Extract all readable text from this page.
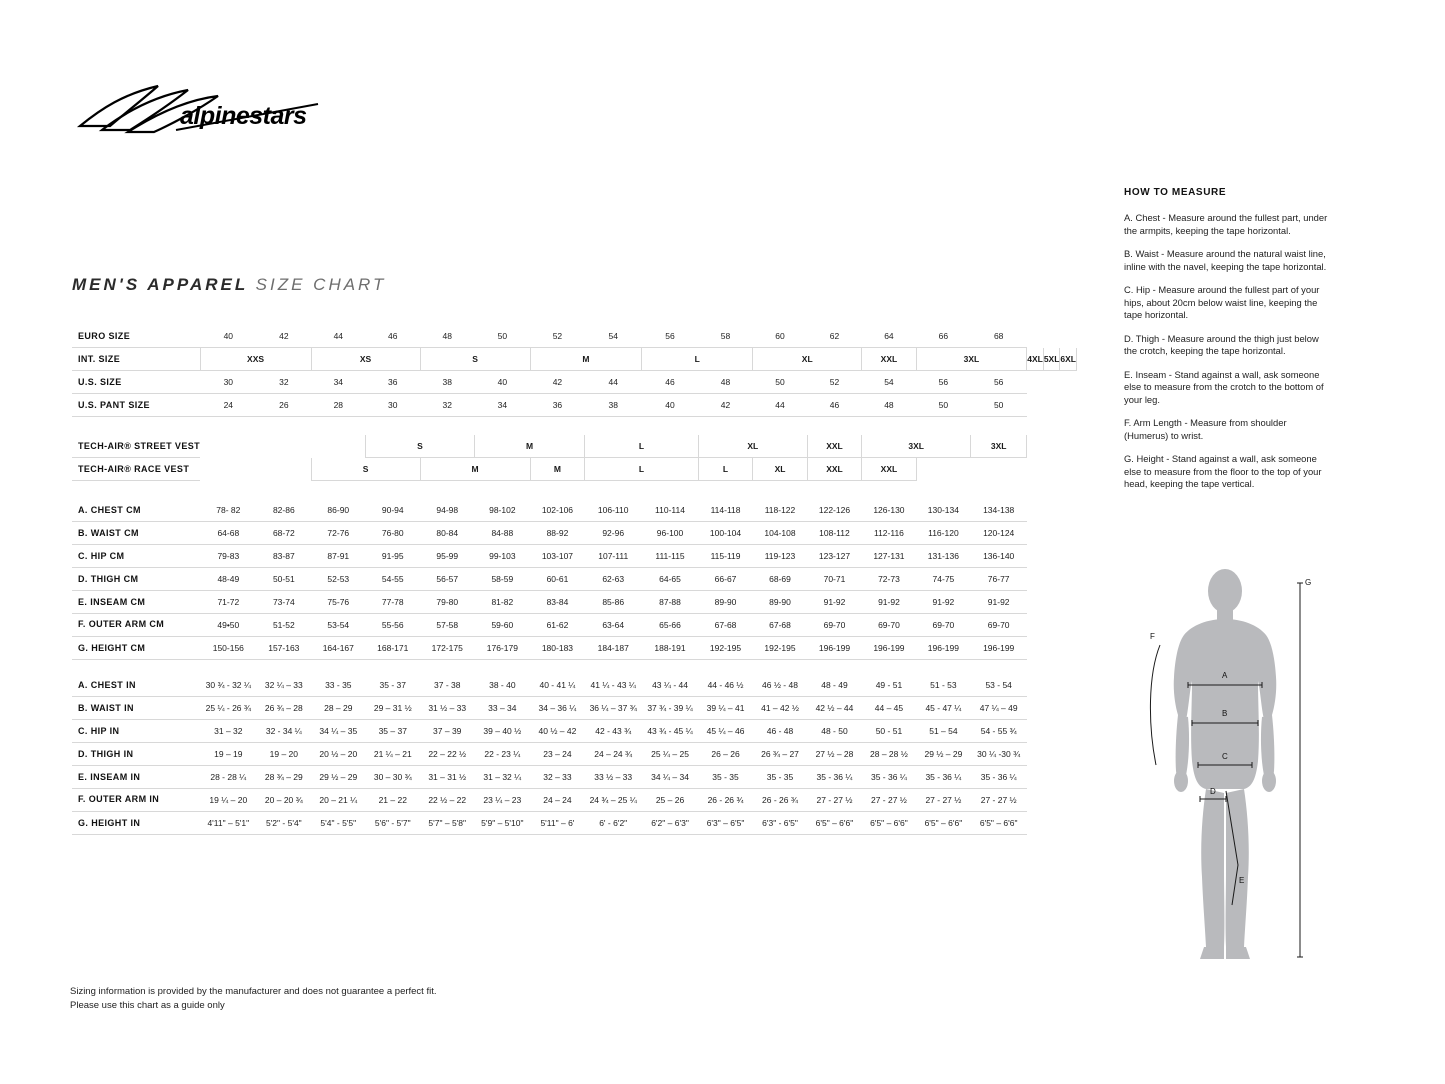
alpinestars
MEN'S APPAREL SIZE CHART
EURO SIZE	40	42	44	46	48	50	52	54	56	58	60	62	64	66	68			
INT. SIZE	XXS		XS		S		M		L		XL		XXL	3XL		4XL	5XL	6XL
U.S. SIZE	30	32	34	36	38	40	42	44	46	48	50	52	54	56	56			
U.S. PANT SIZE	24	26	28	30	32	34	36	38	40	42	44	46	48	50	50			

TECH-AIR® STREET VEST				S		M		L		XL		XXL	3XL		3XL			
TECH-AIR® RACE VEST			S		M		M	L		L	XL	XXL	XXL					

A. CHEST CM	78- 82	82-86	86-90	90-94	94-98	98-102	102-106	106-110	110-114	114-118	118-122	122-126	126-130	130-134	134-138			
B. WAIST CM	64-68	68-72	72-76	76-80	80-84	84-88	88-92	92-96	96-100	100-104	104-108	108-112	112-116	116-120	120-124			
C. HIP CM	79-83	83-87	87-91	91-95	95-99	99-103	103-107	107-111	111-115	115-119	119-123	123-127	127-131	131-136	136-140			
D. THIGH CM	48-49	50-51	52-53	54-55	56-57	58-59	60-61	62-63	64-65	66-67	68-69	70-71	72-73	74-75	76-77			
E. INSEAM CM	71-72	73-74	75-76	77-78	79-80	81-82	83-84	85-86	87-88	89-90	89-90	91-92	91-92	91-92	91-92			
F. OUTER ARM CM	49•50	51-52	53-54	55-56	57-58	59-60	61-62	63-64	65-66	67-68	67-68	69-70	69-70	69-70	69-70			
G. HEIGHT CM	150-156	157-163	164-167	168-171	172-175	176-179	180-183	184-187	188-191	192-195	192-195	196-199	196-199	196-199	196-199			

A. CHEST IN	30 ¾ - 32 ¼	32 ¼ – 33	33 - 35	35 - 37	37 - 38	38 - 40	40 - 41 ¼	41 ¼ - 43 ¼	43 ¼ - 44	44 - 46 ½	46 ½ - 48	48 - 49	49 - 51	51 - 53	53 - 54			
B. WAIST IN	25 ¼ - 26 ¾	26 ¾ – 28	28 – 29	29 – 31 ½	31 ½ – 33	33 – 34	34 – 36 ¼	36 ¼ – 37 ¾	37 ¾ - 39 ¼	39 ¼ – 41	41 – 42 ½	42 ½ – 44	44 – 45	45 - 47 ¼	47 ¼ – 49			
C. HIP IN	31 – 32	32 - 34 ¼	34 ¼ – 35	35 – 37	37 – 39	39 – 40 ½	40 ½ – 42	42 - 43 ¾	43 ¾ - 45 ¼	45 ¼ – 46	46 - 48	48 - 50	50 - 51	51 – 54	54 - 55 ¾			
D. THIGH IN	19 – 19	19 – 20	20 ½ – 20	21 ¼ – 21	22 – 22 ½	22 - 23 ¼	23 – 24	24 – 24 ¾	25 ¼ – 25	26 – 26	26 ¾ – 27	27 ½ – 28	28 – 28 ½	29 ½ – 29	30 ¼ -30 ¾			
E. INSEAM IN	28 - 28 ¼	28 ¾ – 29	29 ½ – 29	30 – 30 ¾	31 – 31 ½	31 – 32 ¼	32 – 33	33 ½ – 33	34 ¼ – 34	35 - 35	35 - 35	35 - 36 ¼	35 - 36 ¼	35 - 36 ¼	35 - 36 ¼			
F. OUTER ARM IN	19 ¼ – 20	20 – 20 ¾	20 – 21 ¼	21 – 22	22 ½ – 22	23 ¼ – 23	24 – 24	24 ¾ – 25 ¼	25 – 26	26 - 26 ¾	26 - 26 ¾	27 - 27 ½	27 - 27 ½	27 - 27 ½	27 - 27 ½			
G. HEIGHT IN	4'11" – 5'1"	5'2" - 5'4"	5'4" - 5'5"	5'6" - 5'7"	5'7" – 5'8"	5'9" – 5'10"	5'11" – 6'	6' - 6'2"	6'2" – 6'3"	6'3" – 6'5"	6'3" - 6'5"	6'5" – 6'6"	6'5" – 6'6"	6'5" – 6'6"	6'5" – 6'6"			
HOW TO MEASURE
A. Chest - Measure around the fullest part, under the armpits, keeping the tape horizontal.
B. Waist - Measure around the natural waist line, inline with the navel, keeping the tape horizontal.
C. Hip - Measure around the fullest part of your hips, about 20cm below waist line, keeping the tape horizontal.
D. Thigh - Measure around the thigh just below the crotch, keeping the tape horizontal.
E. Inseam - Stand against a wall, ask someone else to measure from the crotch to the bottom of your leg.
F. Arm Length - Measure from shoulder (Humerus) to wrist.
G. Height - Stand against a wall, ask someone else to measure from the floor to the top of your head, keeping the tape vertical.
A
B
C
D
E
F
G
Sizing information is provided by the manufacturer and does not guarantee a perfect fit.
Please use this chart as a guide only
